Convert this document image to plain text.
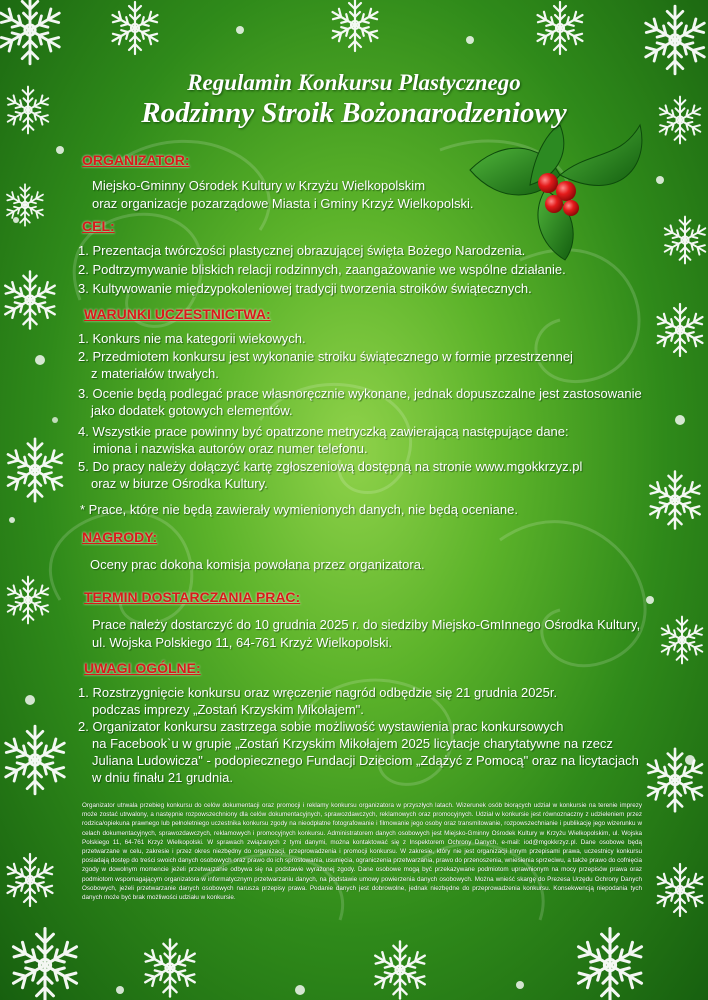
Regulamin Konkursu Plastycznego
Rodzinny Stroik Bożonarodzeniowy
ORGANIZATOR:
Miejsko-Gminny Ośrodek Kultury w Krzyżu Wielkopolskim
oraz organizacje pozarządowe Miasta i Gminy Krzyż Wielkopolski.
CEL:
1. Prezentacja twórczości plastycznej obrazującej święta Bożego Narodzenia.
2. Podtrzymywanie bliskich relacji rodzinnych, zaangażowanie we wspólne działanie.
3. Kultywowanie międzypokoleniowej tradycji tworzenia stroików świątecznych.
WARUNKI UCZESTNICTWA:
1. Konkurs nie ma kategorii wiekowych.
2. Przedmiotem konkursu jest wykonanie stroiku świątecznego w formie przestrzennej
z materiałów trwałych.
3. Ocenie będą podlegać prace własnoręcznie wykonane, jednak dopuszczalne jest zastosowanie
jako dodatek gotowych elementów.
4. Wszystkie prace powinny być opatrzone metryczką zawierającą następujące dane:
imiona i nazwiska autorów oraz numer telefonu.
5. Do pracy należy dołączyć kartę zgłoszeniową dostępną na stronie www.mgokkrzyz.pl
oraz w biurze Ośrodka Kultury.
* Prace, które nie będą zawierały wymienionych danych, nie będą oceniane.
NAGRODY:
Oceny prac dokona komisja powołana przez organizatora.
TERMIN DOSTARCZANIA PRAC:
Prace należy dostarczyć do 10 grudnia 2025 r. do siedziby Miejsko-GmInnego Ośrodka Kultury,
ul. Wojska Polskiego 11, 64-761 Krzyż Wielkopolski.
UWAGI OGÓLNE:
1. Rozstrzygnięcie konkursu oraz wręczenie nagród odbędzie się 21 grudnia 2025r.
podczas imprezy „Zostań Krzyskim Mikołajem".
2. Organizator konkursu zastrzega sobie możliwość wystawienia prac konkursowych
na Facebook`u w grupie „Zostań Krzyskim Mikołajem 2025 licytacje charytatywne na rzecz
Juliana Ludowicza" - podopiecznego Fundacji Dzieciom „Zdążyć z Pomocą" oraz na licytacjach
w dniu finału 21 grudnia.
Organizator utrwala przebieg konkursu do celów dokumentacji oraz promocji i reklamy konkursu organizatora w przyszłych latach. Wizerunek osób biorących udział w konkursie na terenie imprezy może zostać utrwalony, a następnie rozpowszechniony dla celów dokumentacyjnych, sprawozdawczych, reklamowych oraz promocyjnych. Udział w konkursie jest równoznaczny z udzieleniem przez rodzica/opiekuna prawnego lub pełnoletniego uczestnika konkursu zgody na nieodpłatne fotografowanie i filmowanie jego osoby oraz transmitowanie, rozpowszechnianie i publikację jego wizerunku w celach dokumentacyjnych, sprawozdawczych, reklamowych i promocyjnych konkursu. Administratorem danych osobowych jest Miejsko-Gminny Ośrodek Kultury w Krzyżu Wielkopolskim, ul. Wojska Polskiego 11, 64-761 Krzyż Wielkopolski. W sprawach związanych z tymi danymi, można kontaktować się z Inspektorem Ochrony Danych, e-mail: iod@mgokkrzyz.pl. Dane osobowe będą przetwarzane w celu, zakresie i przez okres niezbędny do organizacji, przeprowadzenia i promocji konkursu. W zakresie, który nie jest organizacji innym przepisami prawa, uczestnicy konkursu posiadają dostęp do treści swoich danych osobowych oraz prawo do ich sprostowania, usunięcia, ograniczenia przetwarzania, prawo do przenoszenia, wniesienia sprzeciwu, a także prawo do cofnięcia zgody w dowolnym momencie jeżeli przetwarzanie odbywa się na podstawie wyrażonej zgody. Dane osobowe mogą być przekazywane podmiotom uprawnionym na mocy przepisów prawa oraz podmiotom wspomagającym organizatora w informatycznym przetwarzaniu danych, na podstawie umowy powierzenia danych osobowych. Można wnieść skargę do Prezesa Urzędu Ochrony Danych Osobowych, jeżeli przetwarzanie danych osobowych narusza przepisy prawa. Podanie danych jest dobrowolne, jednak niezbędne do przeprowadzenia konkursu. Konsekwencją niepodania tych danych może być brak możliwości udziału w konkursie.
